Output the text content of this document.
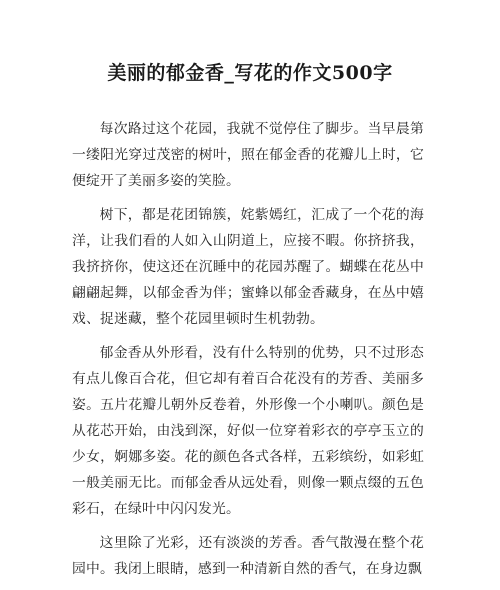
美丽的郁金香_写花的作文500字

每次路过这个花园，我就不觉停住了脚步。当早晨第一缕阳光穿过茂密的树叶，照在郁金香的花瓣儿上时，它便绽开了美丽多姿的笑脸。

树下，都是花团锦簇，姹紫嫣红，汇成了一个花的海洋，让我们看的人如入山阴道上，应接不暇。你挤挤我，我挤挤你，使这还在沉睡中的花园苏醒了。蝴蝶在花丛中翩翩起舞，以郁金香为伴；蜜蜂以郁金香藏身，在丛中嬉戏、捉迷藏，整个花园里顿时生机勃勃。

郁金香从外形看，没有什么特别的优势，只不过形态有点儿像百合花，但它却有着百合花没有的芳香、美丽多姿。五片花瓣儿朝外反卷着，外形像一个小喇叭。颜色是从花芯开始，由浅到深，好似一位穿着彩衣的亭亭玉立的少女，婀娜多姿。花的颜色各式各样，五彩缤纷，如彩虹一般美丽无比。而郁金香从远处看，则像一颗点缀的五色彩石，在绿叶中闪闪发光。

这里除了光彩，还有淡淡的芳香。香气散漫在整个花园中。我闭上眼睛，感到一种清新自然的香气，在身边飘
